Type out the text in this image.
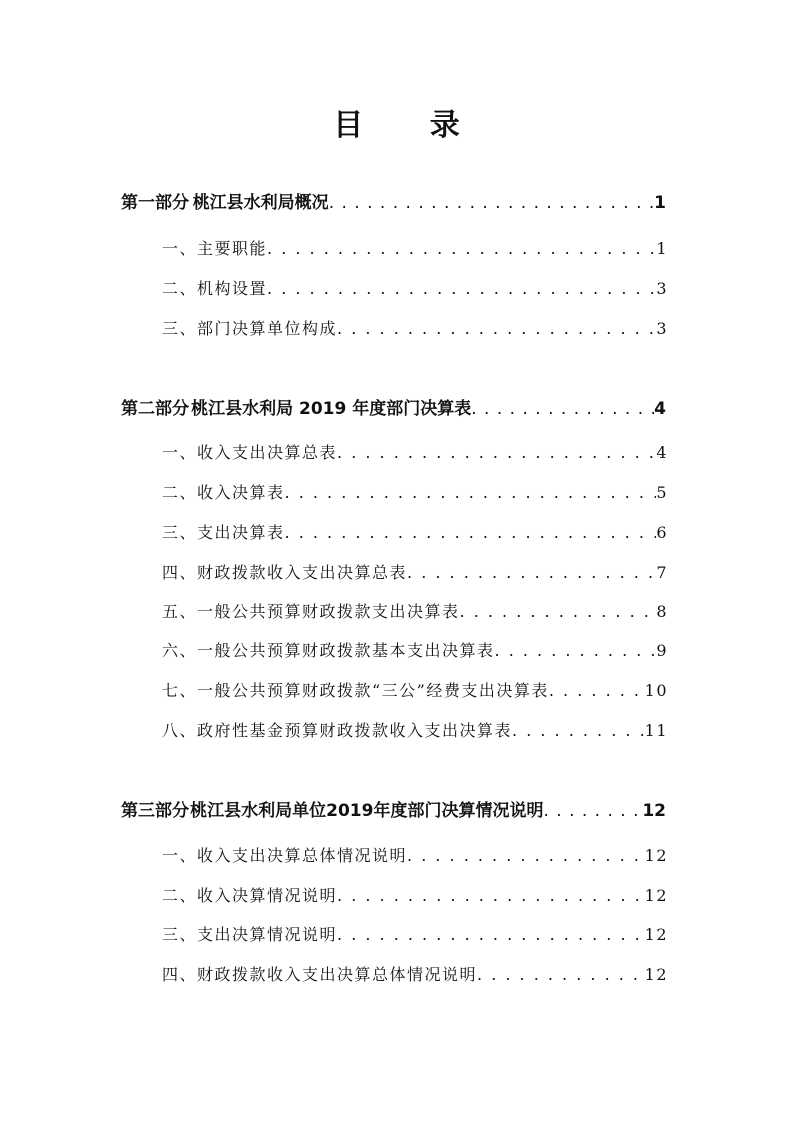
目 录
第一部分 桃江县水利局概况 . . .	1
一、主要职能 . . .	1
二、机构设置 . . .	3
三、部门决算单位构成 . . .	3
第二部分 桃江县水利局 2019 年度部门决算表 . . .	4
一、收入支出决算总表 . . .	4
二、收入决算表 . . .	5
三、支出决算表 . . .	6
四、财政拨款收入支出决算总表 . . .	7
五、一般公共预算财政拨款支出决算表 . . .	8
六、一般公共预算财政拨款基本支出决算表 . . .	9
七、一般公共预算财政拨款“三公”经费支出决算表 . . .	10
八、政府性基金预算财政拨款收入支出决算表 . . .	11
第三部分 桃江县水利局单位2019年度部门决算情况说明 . . .	12
一、收入支出决算总体情况说明 . . .	12
二、收入决算情况说明 . . .	12
三、支出决算情况说明 . . .	12
四、财政拨款收入支出决算总体情况说明 . . .	12
